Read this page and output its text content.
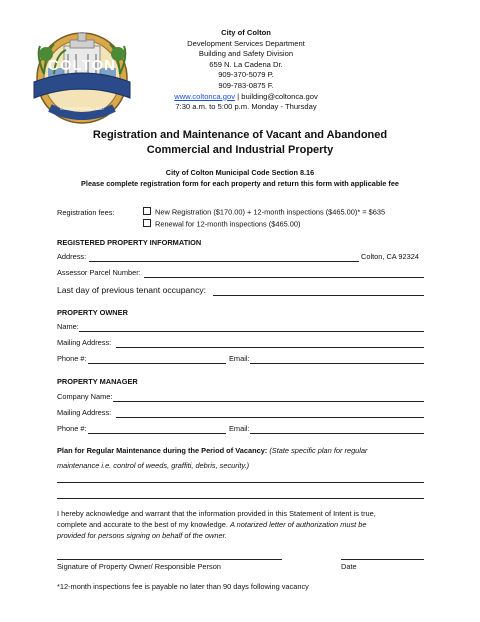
COLTON
INCORPORATED • 1887
City of Colton
Development Services Department
Building and Safety Division
659 N. La Cadena Dr.
909-370-5079 P.
909-783-0875 F.
www.coltonca.gov | building@coltonca.gov
7:30 a.m. to 5:00 p.m. Monday - Thursday
Registration and Maintenance of Vacant and Abandoned
Commercial and Industrial Property
City of Colton Municipal Code Section 8.16
Please complete registration form for each property and return this form with applicable fee
Registration fees:	New Registration ($170.00) + 12-month inspections ($465.00)* = $635
Renewal for 12-month inspections ($465.00)
REGISTERED PROPERTY INFORMATION
Address:	Colton, CA 92324
Assessor Parcel Number:
Last day of previous tenant occupancy:
PROPERTY OWNER
Name:
Mailing Address:
Phone #:	Email:
PROPERTY MANAGER
Company Name:
Mailing Address:
Phone #:	Email:
Plan for Regular Maintenance during the Period of Vacancy: (State specific plan for regular
maintenance i.e. control of weeds, graffiti, debris, security.)
I hereby acknowledge and warrant that the information provided in this Statement of Intent is true,
complete and accurate to the best of my knowledge. A notarized letter of authorization must be
provided for persons signing on behalf of the owner.
Signature of Property Owner/ Responsible Person	Date
*12-month inspections fee is payable no later than 90 days following vacancy
